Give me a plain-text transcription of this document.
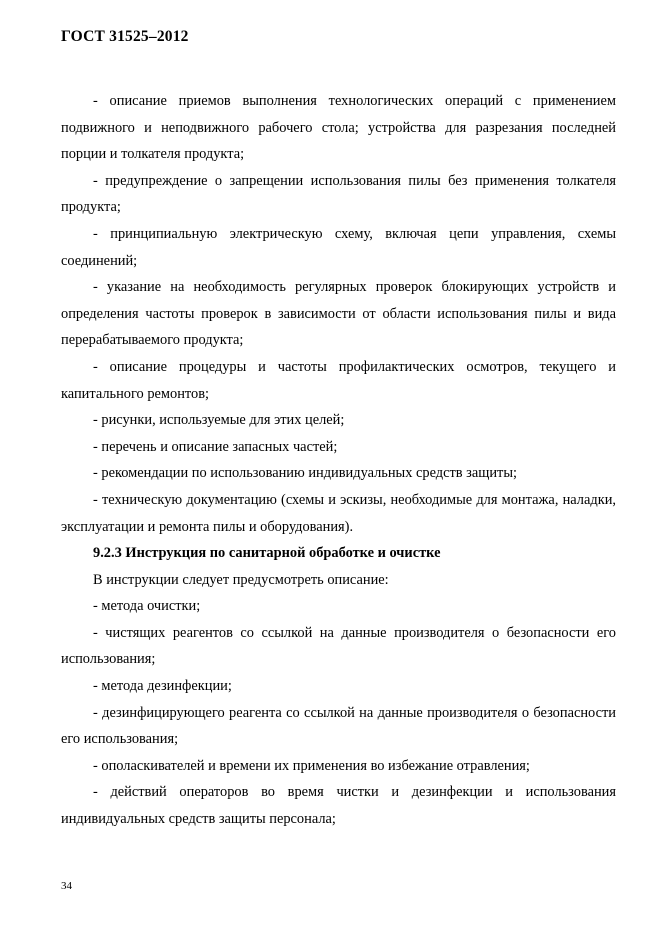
ГОСТ 31525–2012

- описание приемов выполнения технологических операций с применением подвижного и неподвижного рабочего стола; устройства для разрезания последней порции и толкателя продукта;

- предупреждение о запрещении использования пилы без применения толкателя продукта;

- принципиальную электрическую схему, включая цепи управления, схемы соединений;

- указание на необходимость регулярных проверок блокирующих устройств и определения частоты проверок в зависимости от области использования пилы и вида перерабатываемого продукта;

- описание процедуры и частоты профилактических осмотров, текущего и капитального ремонтов;

- рисунки, используемые для этих целей;

- перечень и описание запасных частей;

- рекомендации по использованию индивидуальных средств защиты;

- техническую документацию (схемы и эскизы, необходимые для монтажа, наладки, эксплуатации и ремонта пилы и оборудования).

9.2.3 Инструкция по санитарной обработке и очистке

В инструкции следует предусмотреть описание:

- метода очистки;

- чистящих реагентов со ссылкой на данные производителя о безопасности его использования;

- метода дезинфекции;

- дезинфицирующего реагента со ссылкой на данные производителя о безопасности его использования;

- ополаскивателей и времени их применения во избежание отравления;

- действий операторов во время чистки и дезинфекции и использования индивидуальных средств защиты персонала;

34
